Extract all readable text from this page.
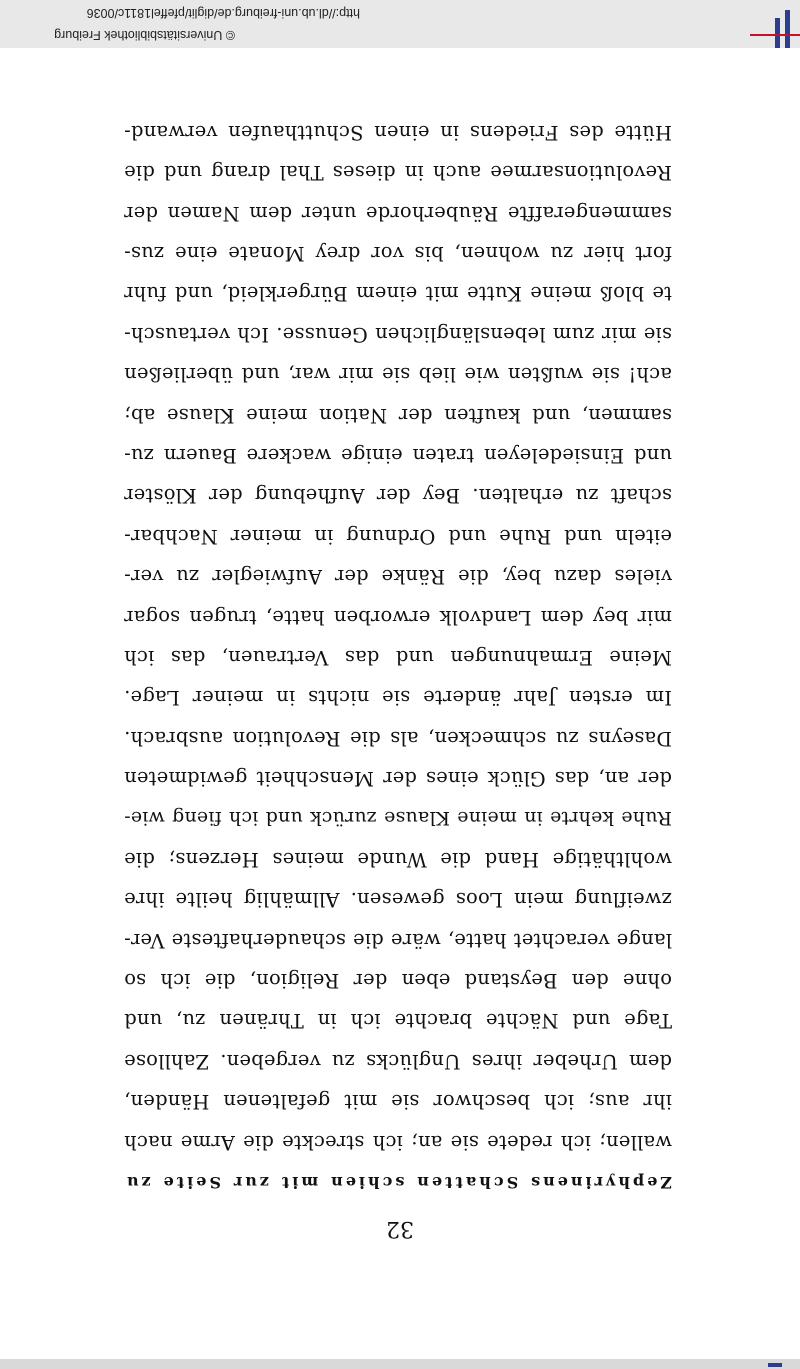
32
Zephyrinens Schatten schien mit zur Seite zu
wallen; ich redete sie an; ich streckte die Arme nach
ihr aus; ich beschwor sie mit gefaltenen Händen,
dem Urheber ihres Unglücks zu vergeben. Zahllose
Tage und Nächte brachte ich in Thränen zu, und
ohne den Beystand eben der Religion, die ich so
lange verachtet hatte, wäre die schauderhafteste Ver-
zweiflung mein Loos gewesen. Allmählig heilte ihre
wohlthätige Hand die Wunde meines Herzens; die
Ruhe kehrte in meine Klause zurück und ich fieng wie-
der an, das Glück eines der Menschheit gewidmeten
Daseyns zu schmecken, als die Revolution ausbrach.
Im ersten Jahr änderte sie nichts in meiner Lage.
Meine Ermahnungen und das Vertrauen, das ich
mir bey dem Landvolk erworben hatte, trugen sogar
vieles dazu bey, die Ränke der Aufwiegler zu ver-
eiteln und Ruhe und Ordnung in meiner Nachbar-
schaft zu erhalten. Bey der Aufhebung der Klöster
und Einsiedeleyen traten einige wackere Bauern zu-
sammen, und kauften der Nation meine Klause ab;
ach! sie wußten wie lieb sie mir war, und überließen
sie mir zum lebenslänglichen Genusse. Ich vertausch-
te bloß meine Kutte mit einem Bürgerkleid, und fuhr
fort hier zu wohnen, bis vor drey Monate eine zus-
sammengeraffte Räuberhorde unter dem Namen der
Revolutionsarmee auch in dieses Thal drang und die
Hütte des Friedens in einen Schutthaufen verwand-
© Universitätsbibliothek Freiburg
http://dl.ub.uni-freiburg.de/diglit/pfeffel1811c/0036
